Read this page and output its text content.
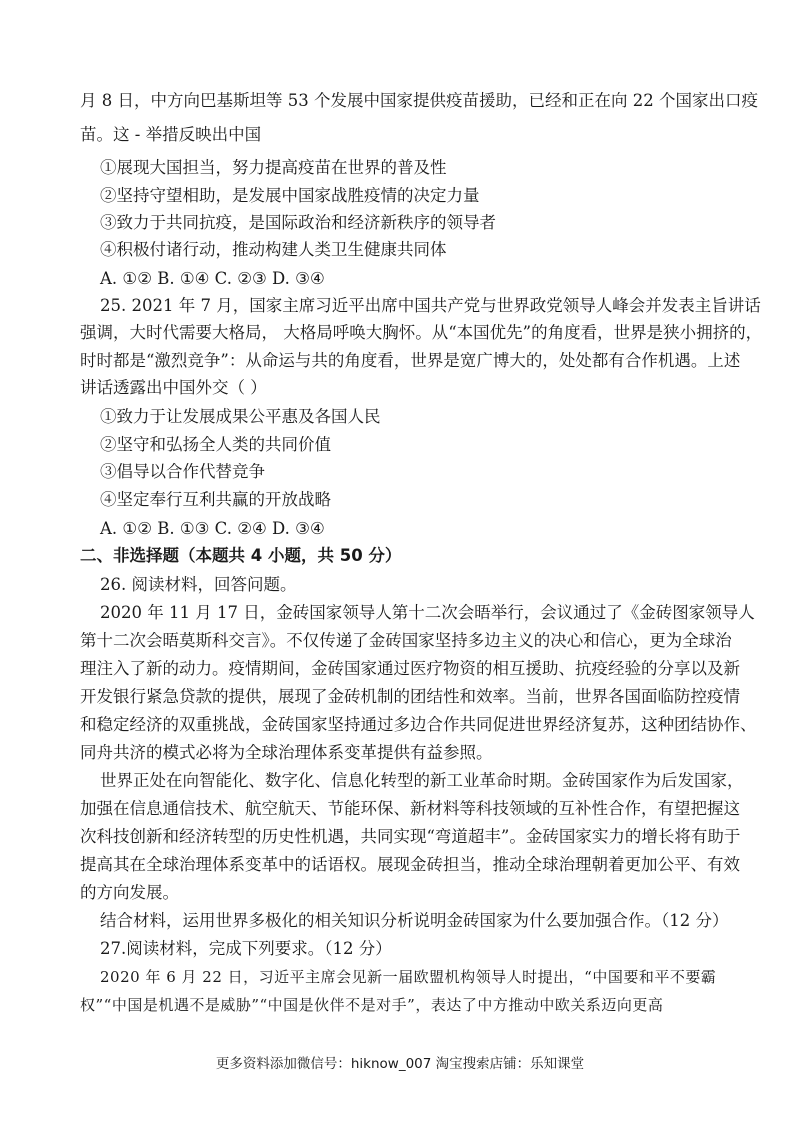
月 8 日，中方向巴基斯坦等 53 个发展中国家提供疫苗援助，已经和正在向 22 个国家出口疫
苗。这 - 举措反映出中国
①展现大国担当，努力提高疫苗在世界的普及性
②坚持守望相助，是发展中国家战胜疫情的决定力量
③致力于共同抗疫，是国际政治和经济新秩序的领导者
④积极付诸行动，推动构建人类卫生健康共同体
A. ①② B. ①④ C. ②③ D. ③④
25. 2021 年 7 月，国家主席习近平出席中国共产党与世界政党领导人峰会并发表主旨讲话
强调，大时代需要大格局， 大格局呼唤大胸怀。从“本国优先”的角度看，世界是狭小拥挤的，
时时都是“激烈竞争”：从命运与共的角度看，世界是宽广博大的，处处都有合作机遇。上述
讲话透露出中国外交（ ）
①致力于让发展成果公平惠及各国人民
②坚守和弘扬全人类的共同价值
③倡导以合作代替竞争
④坚定奉行互利共赢的开放战略
A. ①② B. ①③ C. ②④ D. ③④
二、非选择题（本题共 4 小题，共 50 分）
26. 阅读材料，回答问题。
2020 年 11 月 17 日，金砖国家领导人第十二次会晤举行，会议通过了《金砖图家领导人
第十二次会晤莫斯科交言》。不仅传递了金砖国家坚持多边主义的决心和信心，更为全球治
理注入了新的动力。疫情期间，金砖国家通过医疗物资的相互援助、抗疫经验的分享以及新
开发银行紧急贷款的提供，展现了金砖机制的团结性和效率。当前，世界各国面临防控疫情
和稳定经济的双重挑战，金砖国家坚持通过多边合作共同促进世界经济复苏，这种团结协作、
同舟共济的模式必将为全球治理体系变革提供有益参照。
世界正处在向智能化、数字化、信息化转型的新工业革命时期。金砖国家作为后发国家，
加强在信息通信技术、航空航天、节能环保、新材料等科技领域的互补性合作，有望把握这
次科技创新和经济转型的历史性机遇，共同实现“弯道超丰”。金砖国家实力的增长将有助于
提高其在全球治理体系变革中的话语权。展现金砖担当，推动全球治理朝着更加公平、有效
的方向发展。
结合材料，运用世界多极化的相关知识分析说明金砖国家为什么要加强合作。（12 分）
27.阅读材料，完成下列要求。（12 分）
2020 年 6 月 22 日，习近平主席会见新一届欧盟机构领导人时提出，“中国要和平不要霸
权”“中国是机遇不是威胁”“中国是伙伴不是对手”，表达了中方推动中欧关系迈向更高
更多资料添加微信号：hiknow_007 淘宝搜索店铺：乐知课堂
